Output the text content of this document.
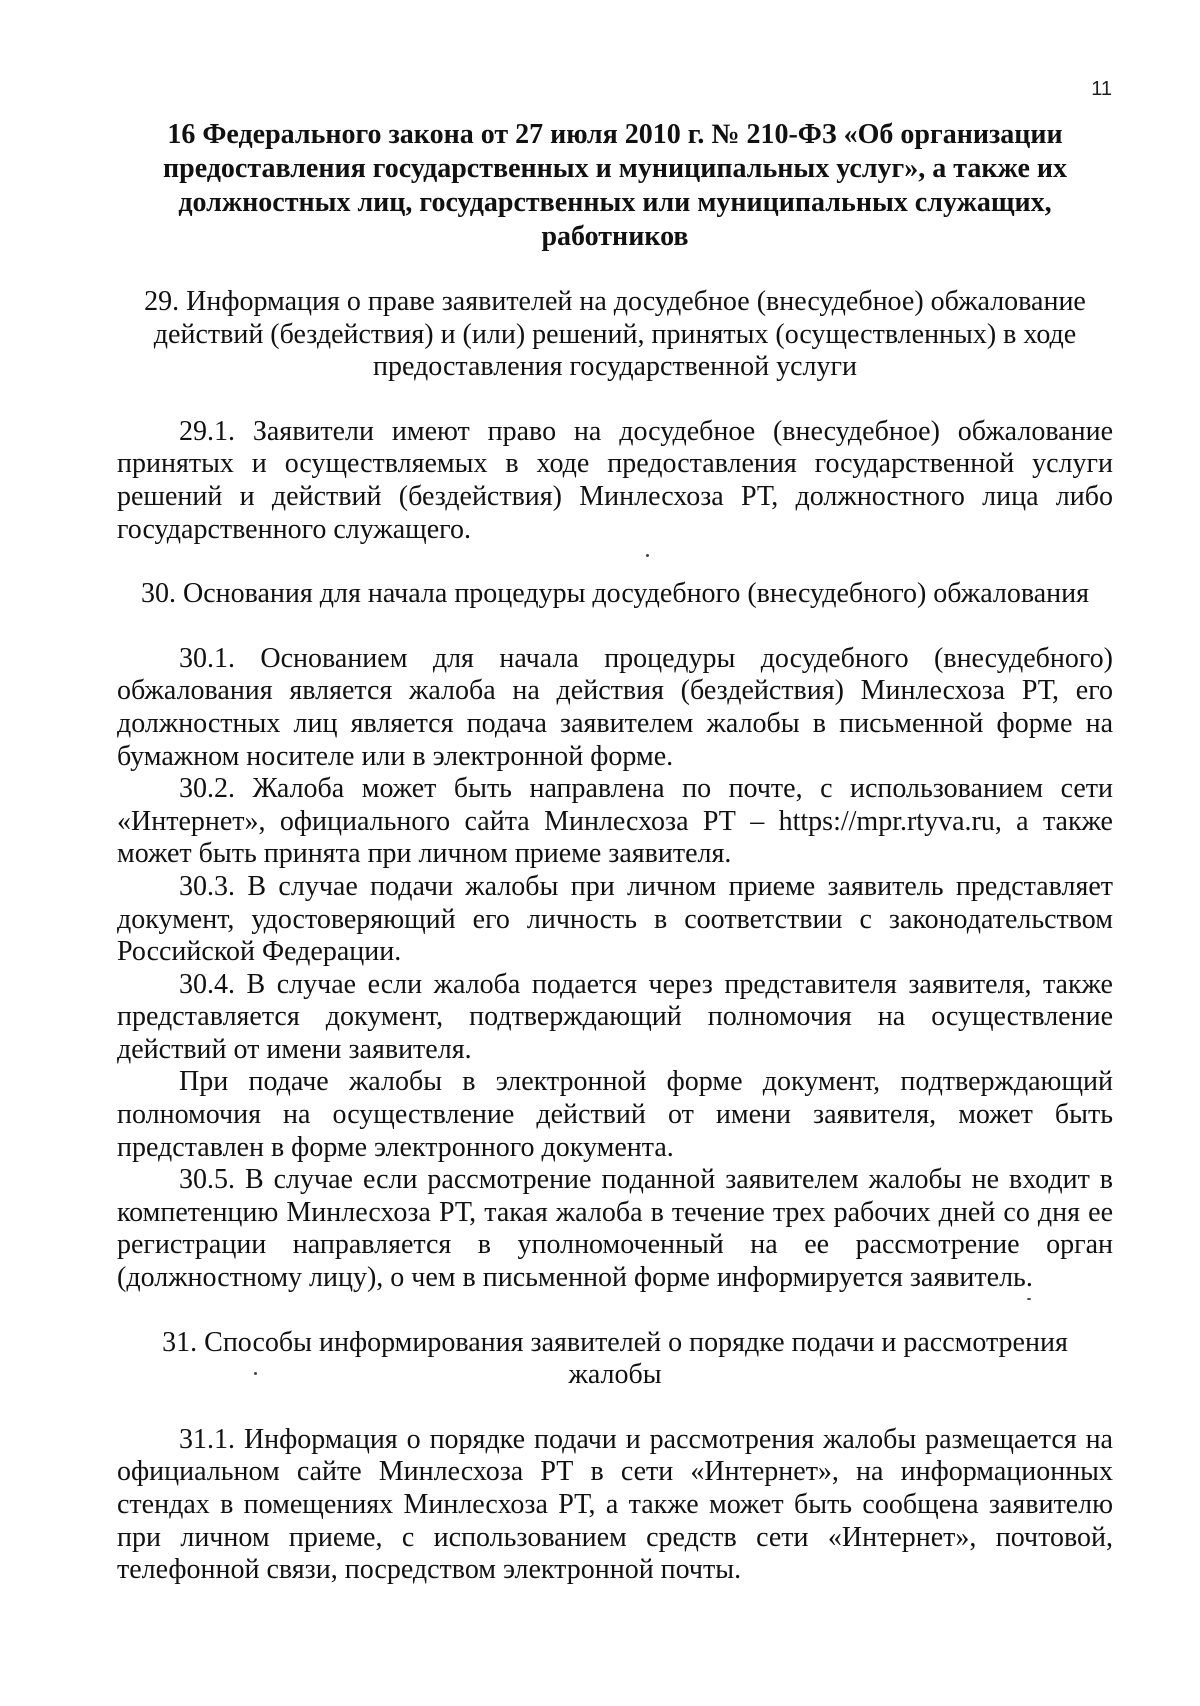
11

16 Федерального закона от 27 июля 2010 г. № 210-ФЗ «Об организации предоставления государственных и муниципальных услуг», а также их должностных лиц, государственных или муниципальных служащих, работников

29. Информация о праве заявителей на досудебное (внесудебное) обжалование действий (бездействия) и (или) решений, принятых (осуществленных) в ходе предоставления государственной услуги

29.1. Заявители имеют право на досудебное (внесудебное) обжалование принятых и осуществляемых в ходе предоставления государственной услуги решений и действий (бездействия) Минлесхоза РТ, должностного лица либо государственного служащего.

30. Основания для начала процедуры досудебного (внесудебного) обжалования

30.1. Основанием для начала процедуры досудебного (внесудебного) обжалования является жалоба на действия (бездействия) Минлесхоза РТ, его должностных лиц является подача заявителем жалобы в письменной форме на бумажном носителе или в электронной форме.

30.2. Жалоба может быть направлена по почте, с использованием сети «Интернет», официального сайта Минлесхоза РТ – https://mpr.rtyva.ru, а также может быть принята при личном приеме заявителя.

30.3. В случае подачи жалобы при личном приеме заявитель представляет документ, удостоверяющий его личность в соответствии с законодательством Российской Федерации.

30.4. В случае если жалоба подается через представителя заявителя, также представляется документ, подтверждающий полномочия на осуществление действий от имени заявителя.

При подаче жалобы в электронной форме документ, подтверждающий полномочия на осуществление действий от имени заявителя, может быть представлен в форме электронного документа.

30.5. В случае если рассмотрение поданной заявителем жалобы не входит в компетенцию Минлесхоза РТ, такая жалоба в течение трех рабочих дней со дня ее регистрации направляется в уполномоченный на ее рассмотрение орган (должностному лицу), о чем в письменной форме информируется заявитель.

31. Способы информирования заявителей о порядке подачи и рассмотрения жалобы

31.1. Информация о порядке подачи и рассмотрения жалобы размещается на официальном сайте Минлесхоза РТ в сети «Интернет», на информационных стендах в помещениях Минлесхоза РТ, а также может быть сообщена заявителю при личном приеме, с использованием средств сети «Интернет», почтовой, телефонной связи, посредством электронной почты.
